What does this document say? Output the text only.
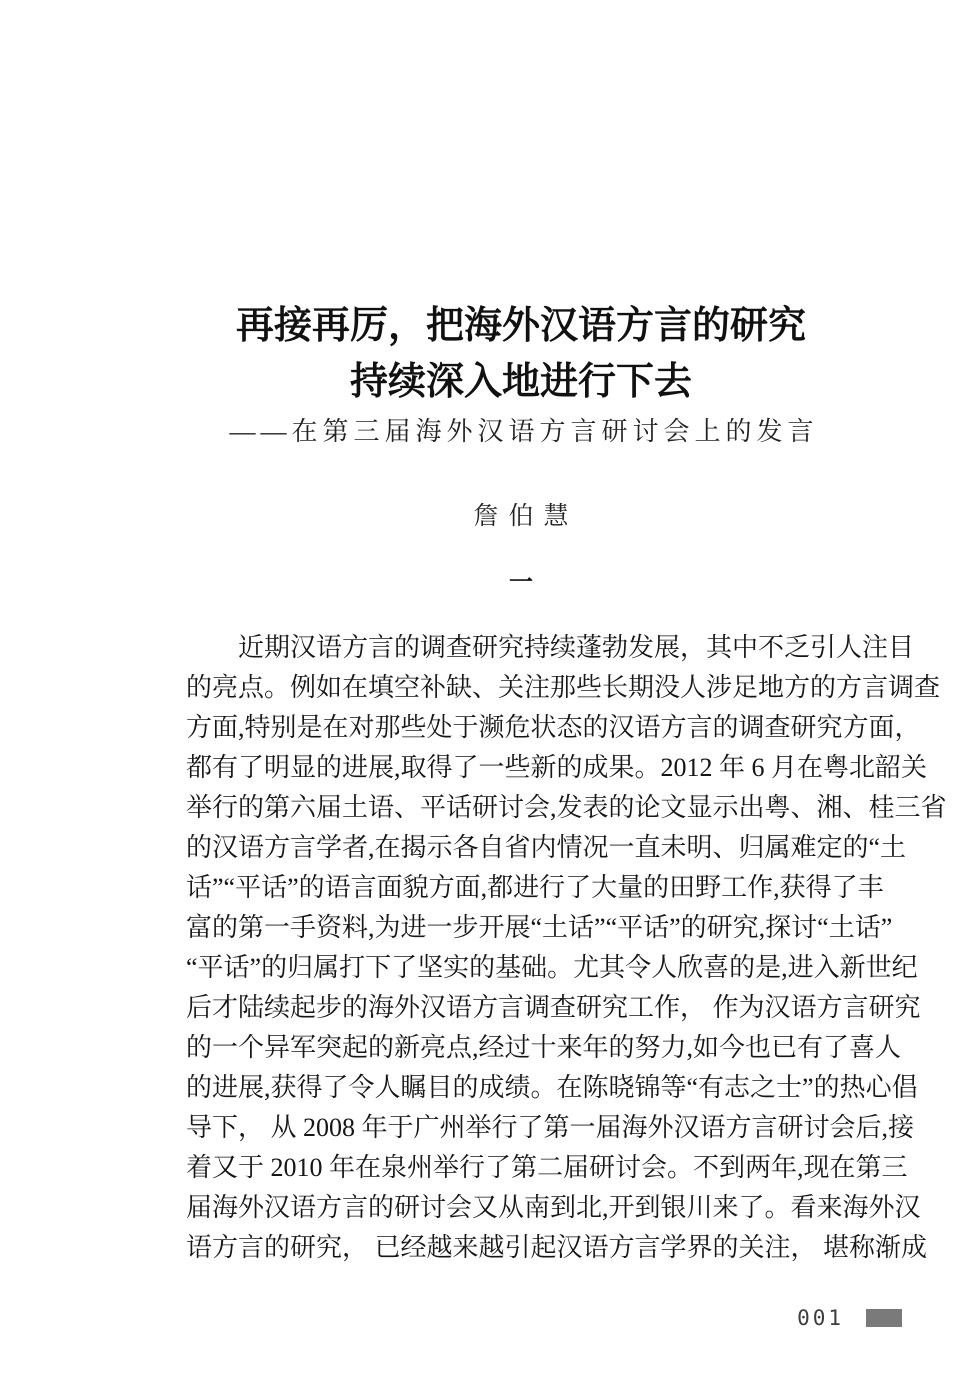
再接再厉，把海外汉语方言的研究
持续深入地进行下去
——在第三届海外汉语方言研讨会上的发言
詹伯慧
一
近期汉语方言的调查研究持续蓬勃发展，其中不乏引人注目
的亮点。例如在填空补缺、关注那些长期没人涉足地方的方言调查
方面,特别是在对那些处于濒危状态的汉语方言的调查研究方面，
都有了明显的进展,取得了一些新的成果。2012 年 6 月在粤北韶关
举行的第六届土语、平话研讨会,发表的论文显示出粤、湘、桂三省
的汉语方言学者,在揭示各自省内情况一直未明、归属难定的“土
话”“平话”的语言面貌方面,都进行了大量的田野工作,获得了丰
富的第一手资料,为进一步开展“土话”“平话”的研究,探讨“土话”
“平话”的归属打下了坚实的基础。尤其令人欣喜的是,进入新世纪
后才陆续起步的海外汉语方言调查研究工作， 作为汉语方言研究
的一个异军突起的新亮点,经过十来年的努力,如今也已有了喜人
的进展,获得了令人瞩目的成绩。在陈晓锦等“有志之士”的热心倡
导下， 从 2008 年于广州举行了第一届海外汉语方言研讨会后,接
着又于 2010 年在泉州举行了第二届研讨会。不到两年,现在第三
届海外汉语方言的研讨会又从南到北,开到银川来了。看来海外汉
语方言的研究， 已经越来越引起汉语方言学界的关注， 堪称渐成
001
